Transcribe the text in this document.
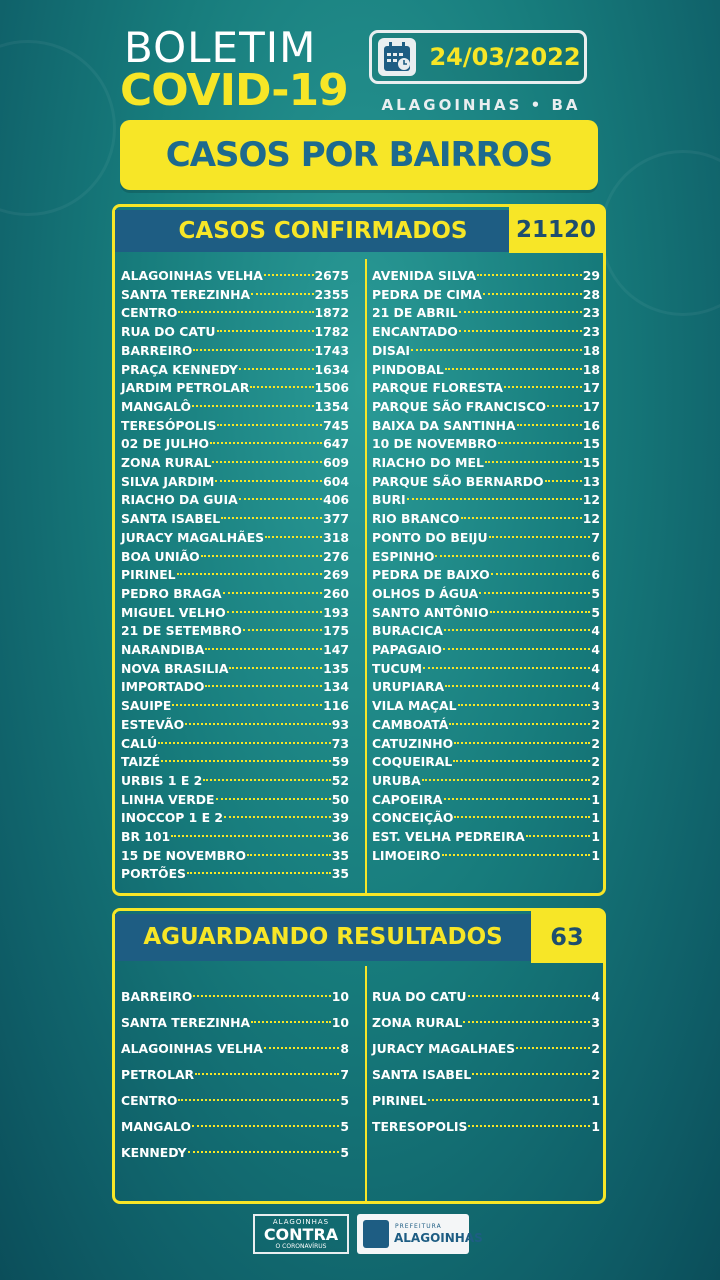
BOLETIM
COVID-19
24/03/2022
ALAGOINHAS • BA
CASOS POR BAIRROS
CASOS CONFIRMADOS	21120
ALAGOINHAS VELHA	2675
SANTA TEREZINHA	2355
CENTRO	1872
RUA DO CATU	1782
BARREIRO	1743
PRAÇA KENNEDY	1634
JARDIM PETROLAR	1506
MANGALÔ	1354
TERESÓPOLIS	745
02 DE JULHO	647
ZONA RURAL	609
SILVA JARDIM	604
RIACHO DA GUIA	406
SANTA ISABEL	377
JURACY MAGALHÃES	318
BOA UNIÃO	276
PIRINEL	269
PEDRO BRAGA	260
MIGUEL VELHO	193
21 DE SETEMBRO	175
NARANDIBA	147
NOVA BRASILIA	135
IMPORTADO	134
SAUIPE	116
ESTEVÃO	93
CALÚ	73
TAIZÉ	59
URBIS 1 E 2	52
LINHA VERDE	50
INOCCOP 1 E 2	39
BR 101	36
15 DE NOVEMBRO	35
PORTÕES	35
AVENIDA SILVA	29
PEDRA DE CIMA	28
21 DE ABRIL	23
ENCANTADO	23
DISAI	18
PINDOBAL	18
PARQUE FLORESTA	17
PARQUE SÃO FRANCISCO	17
BAIXA DA SANTINHA	16
10 DE NOVEMBRO	15
RIACHO DO MEL	15
PARQUE SÃO BERNARDO	13
BURI	12
RIO BRANCO	12
PONTO DO BEIJU	7
ESPINHO	6
PEDRA DE BAIXO	6
OLHOS D ÁGUA	5
SANTO ANTÔNIO	5
BURACICA	4
PAPAGAIO	4
TUCUM	4
URUPIARA	4
VILA MAÇAL	3
CAMBOATÁ	2
CATUZINHO	2
COQUEIRAL	2
URUBA	2
CAPOEIRA	1
CONCEIÇÃO	1
EST. VELHA PEDREIRA	1
LIMOEIRO	1
AGUARDANDO RESULTADOS	63
BARREIRO	10
SANTA TEREZINHA	10
ALAGOINHAS VELHA	8
PETROLAR	7
CENTRO	5
MANGALO	5
KENNEDY	5
RUA DO CATU	4
ZONA RURAL	3
JURACY MAGALHAES	2
SANTA ISABEL	2
PIRINEL	1
TERESOPOLIS	1
ALAGOINHAS
CONTRA
O CORONAVÍRUS
PREFEITURA
ALAGOINHAS
